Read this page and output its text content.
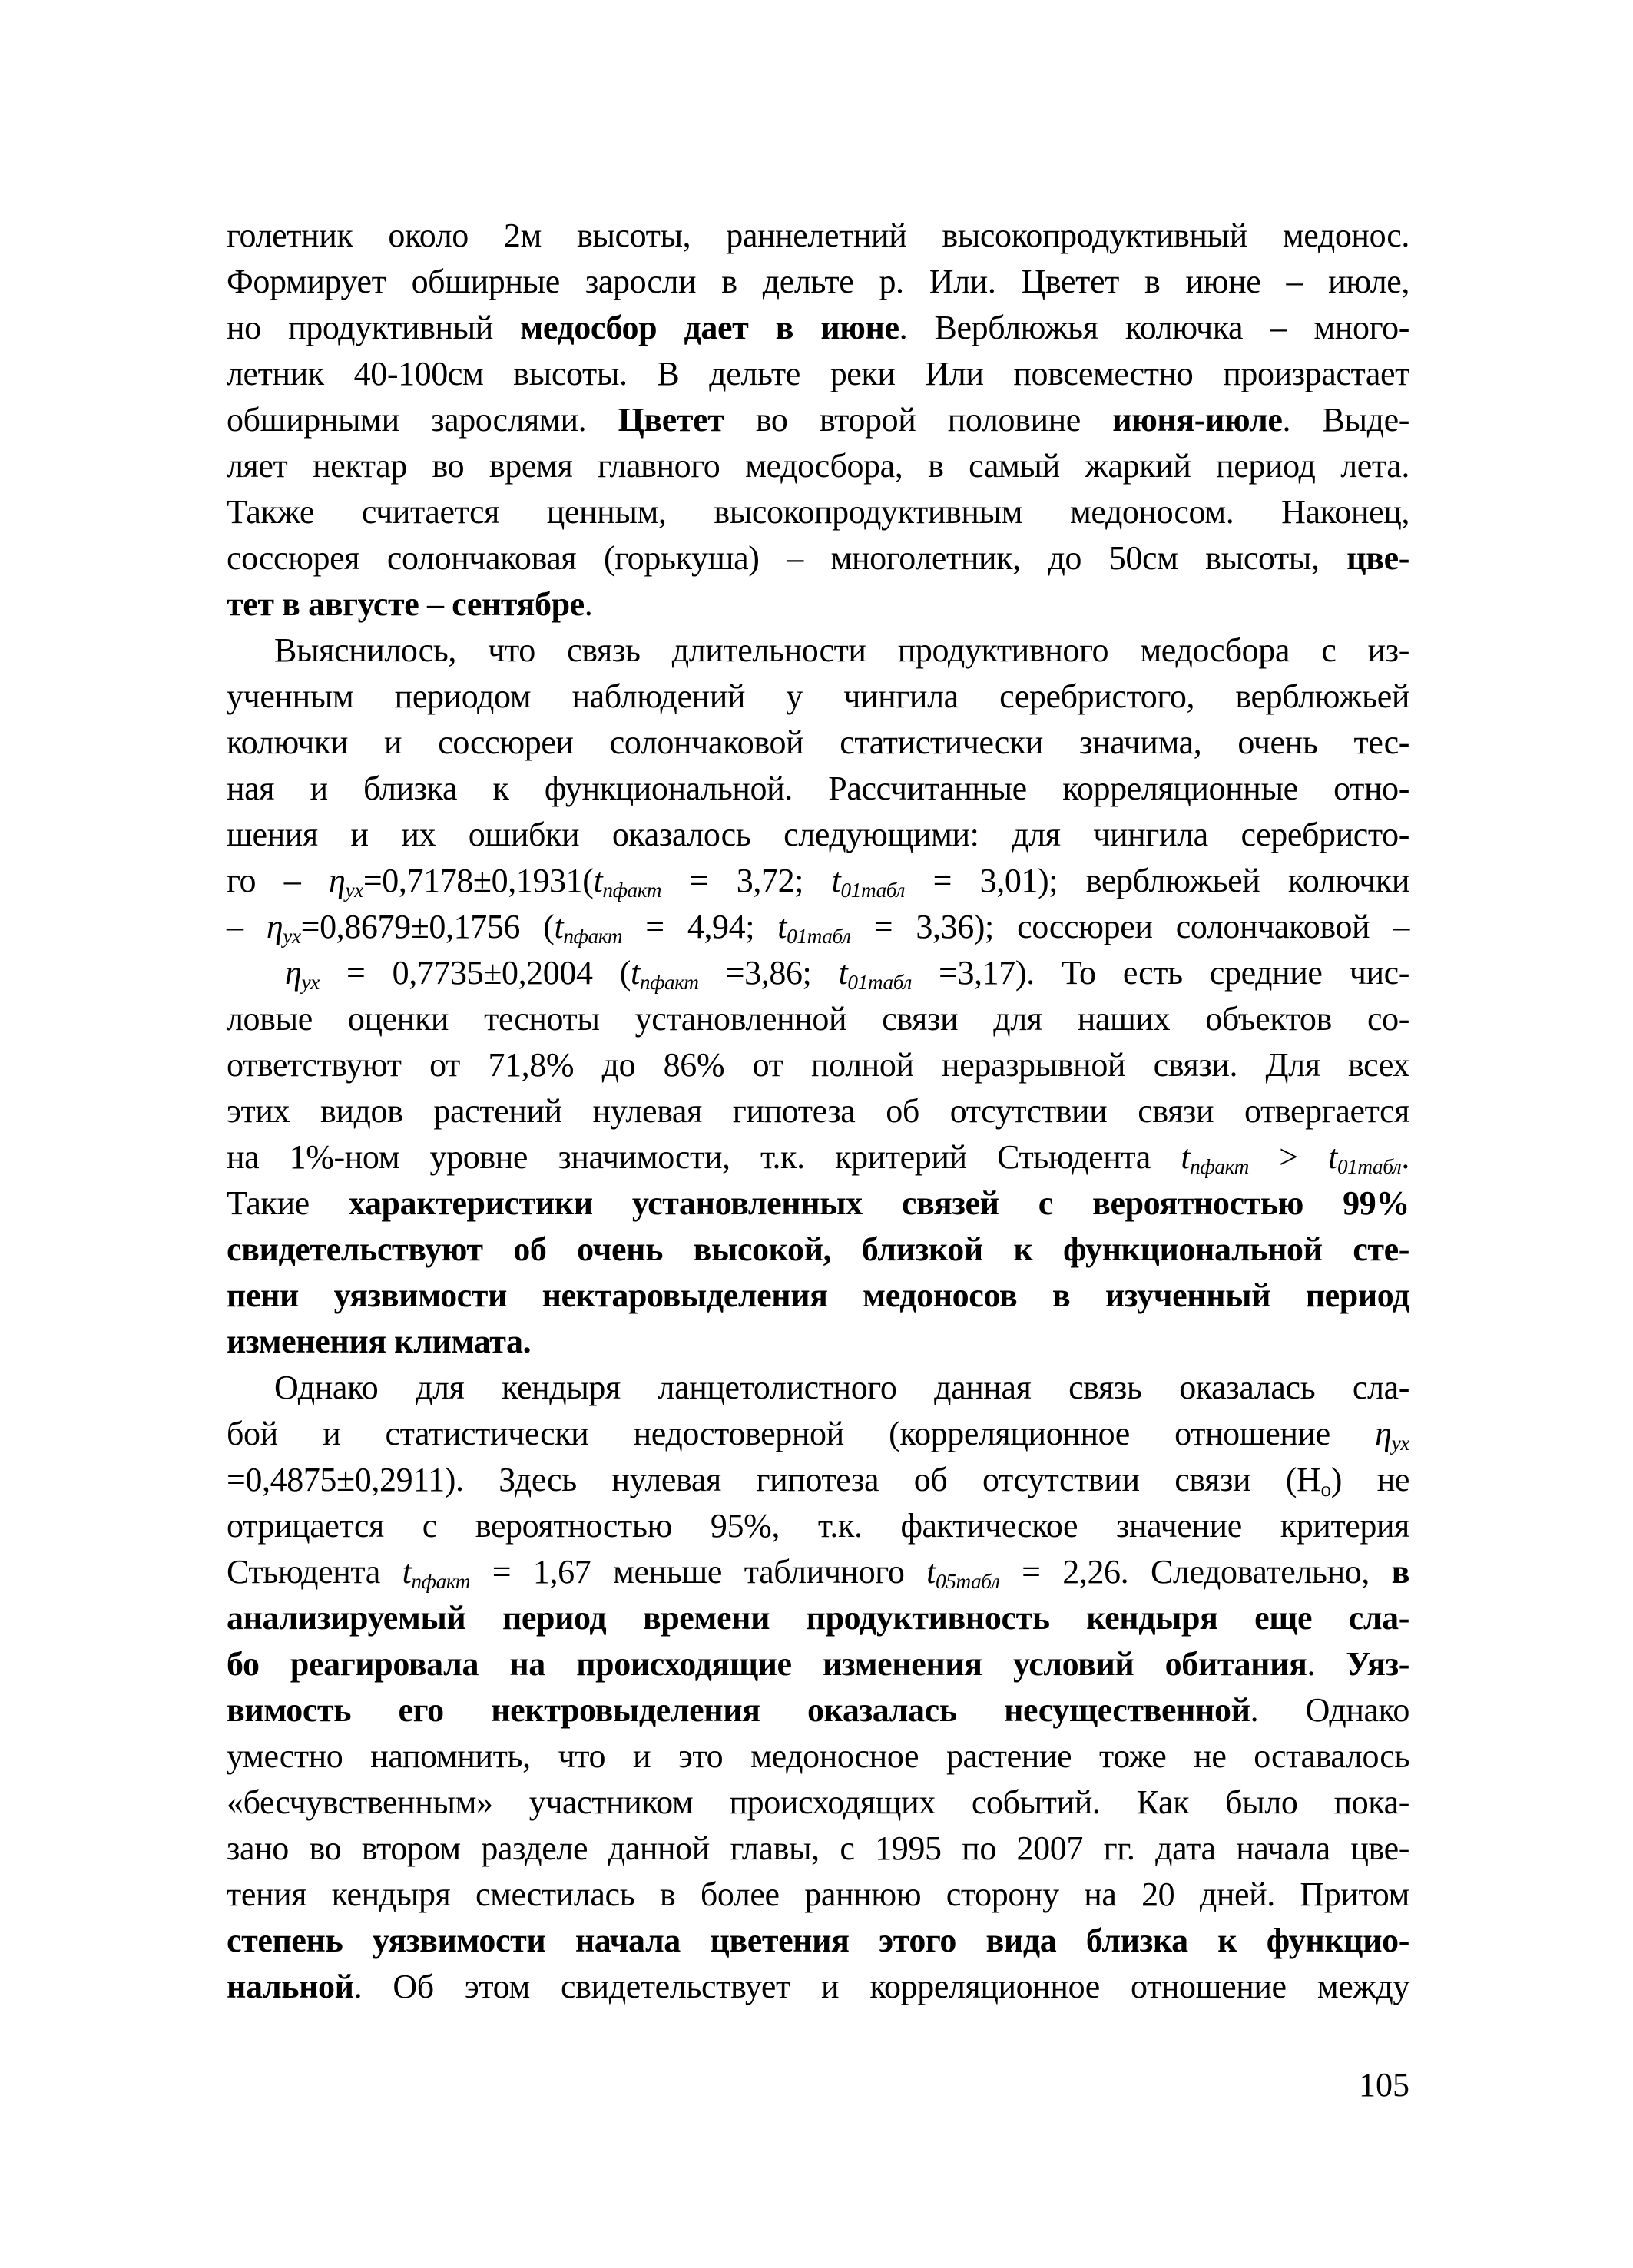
голетник около 2м высоты, раннелетний высокопродуктивный медонос.
Формирует обширные заросли в дельте р. Или. Цветет в июне – июле,
но продуктивный медосбор дает в июне. Верблюжья колючка – много-
летник 40-100см высоты. В дельте реки Или повсеместно произрастает
обширными зарослями. Цветет во второй половине июня-июле. Выде-
ляет нектар во время главного медосбора, в самый жаркий период лета.
Также считается ценным, высокопродуктивным медоносом. Наконец,
соссюрея солончаковая (горькуша) – многолетник, до 50см высоты, цве-
тет в августе – сентябре.
Выяснилось, что связь длительности продуктивного медосбора с из-
ученным периодом наблюдений у чингила серебристого, верблюжьей
колючки и соссюреи солончаковой статистически значима, очень тес-
ная и близка к функциональной. Рассчитанные корреляционные отно-
шения и их ошибки оказалось следующими: для чингила серебристо-
го – $\eta_{yx}=0,7178\pm 0,1931(t_{пфакт} = 3,72$; $t_{01табл} = 3,01$); верблюжьей колючки
– $\eta_{yx}=0,8679\pm 0,1756$ ($t_{пфакт} = 4,94$; $t_{01табл} = 3,36$); соссюреи солончаковой –
$\eta_{yx} = 0,7735\pm 0,2004$ ($t_{пфакт} =3,86$; $t_{01табл} =3,17$). То есть средние чис-
ловые оценки тесноты установленной связи для наших объектов со-
ответствуют от 71,8% до 86% от полной неразрывной связи. Для всех
этих видов растений нулевая гипотеза об отсутствии связи отвергается
на 1%-ном уровне значимости, т.к. критерий Стьюдента $t_{пфакт} > t_{01табл}$.
Такие характеристики установленных связей с вероятностью 99%
свидетельствуют об очень высокой, близкой к функциональной сте-
пени уязвимости нектаровыделения медоносов в изученный период
изменения климата.
Однако для кендыря ланцетолистного данная связь оказалась сла-
бой и статистически недостоверной (корреляционное отношение $\eta_{yx}$
=0,4875±0,2911). Здесь нулевая гипотеза об отсутствии связи $(Н_о)$ не
отрицается с вероятностью 95%, т.к. фактическое значение критерия
Стьюдента $t_{пфакт} = 1,67$ меньше табличного $t_{05табл} = 2,26$. Следовательно, в
анализируемый период времени продуктивность кендыря еще сла-
бо реагировала на происходящие изменения условий обитания. Уяз-
вимость его нектровыделения оказалась несущественной. Однако
уместно напомнить, что и это медоносное растение тоже не оставалось
«бесчувственным» участником происходящих событий. Как было пока-
зано во втором разделе данной главы, с 1995 по 2007 гг. дата начала цве-
тения кендыря сместилась в более раннюю сторону на 20 дней. Притом
степень уязвимости начала цветения этого вида близка к функцио-
нальной. Об этом свидетельствует и корреляционное отношение между
105
